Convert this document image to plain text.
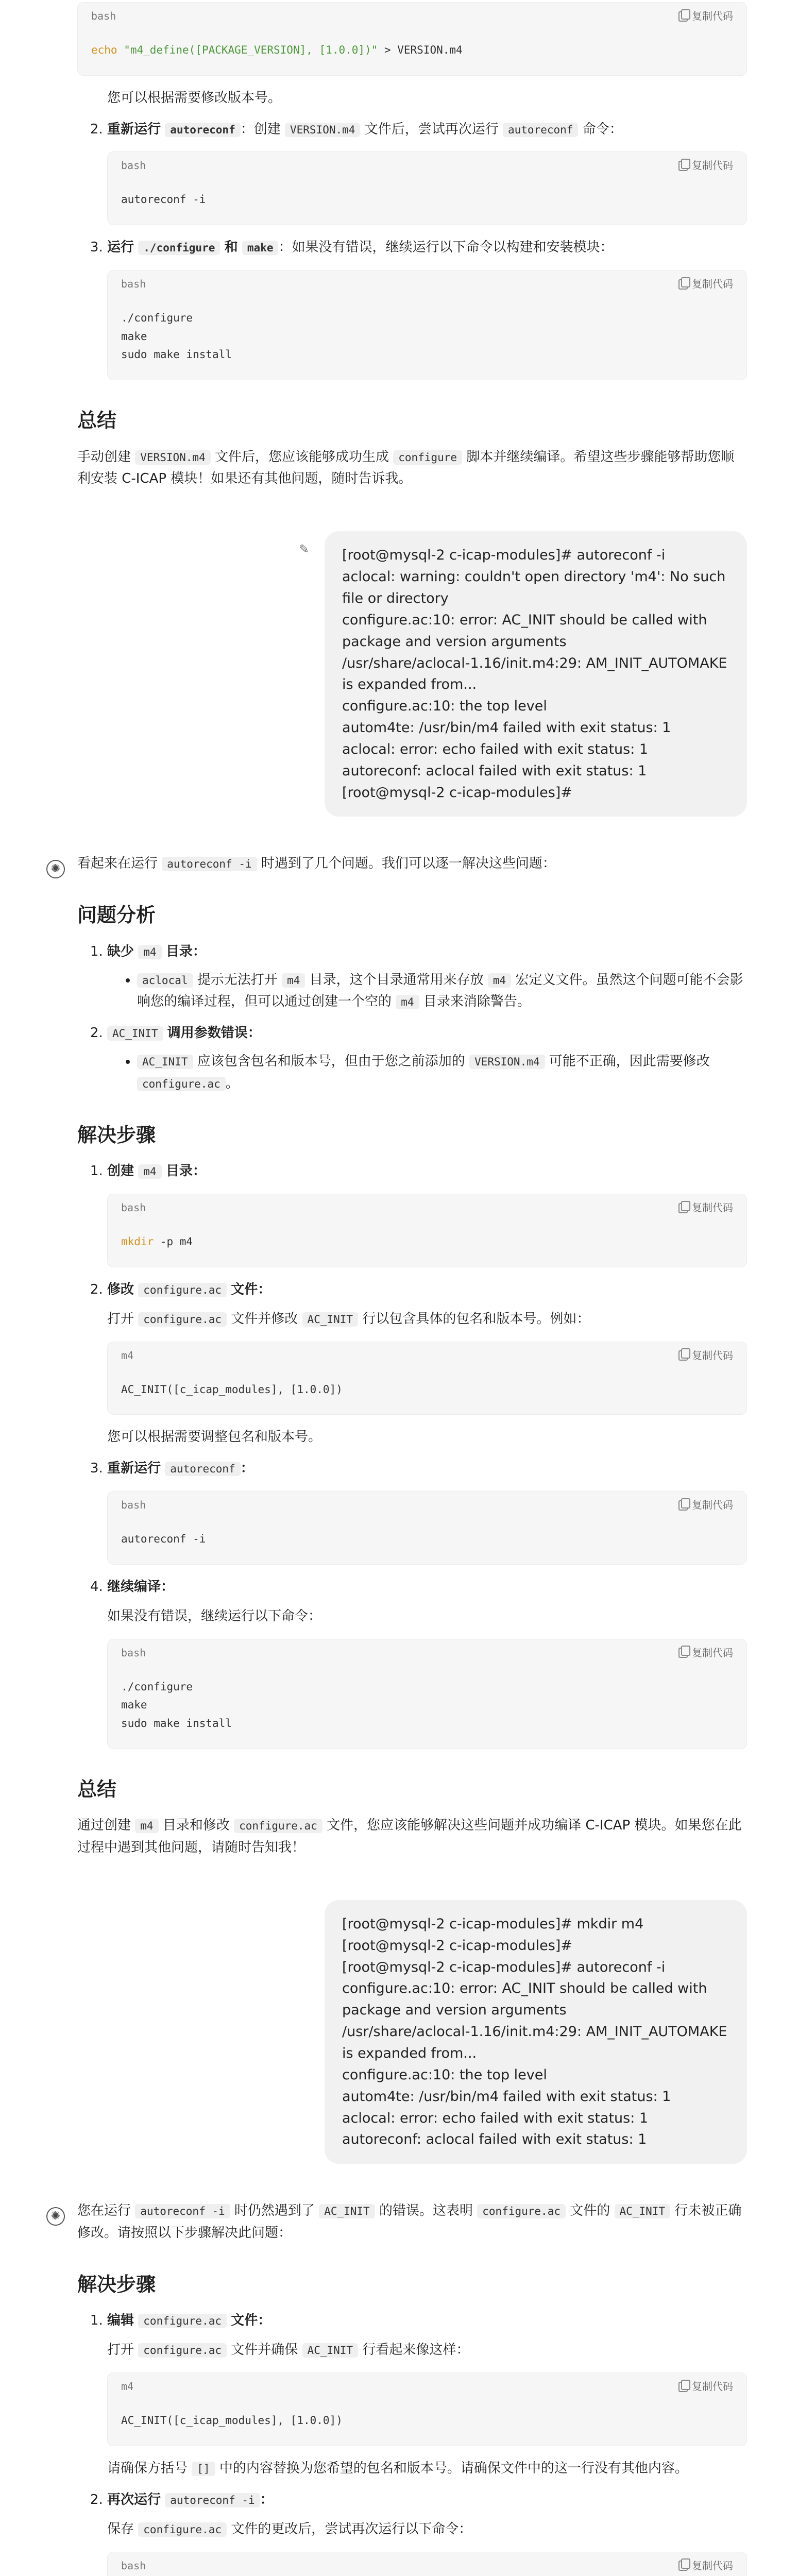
bash	复制代码
echo "m4_define([PACKAGE_VERSION], [1.0.0])" > VERSION.m4
您可以根据需要修改版本号。
2. 重新运行 autoreconf ：创建 VERSION.m4 文件后，尝试再次运行 autoreconf 命令：
bash	复制代码
autoreconf -i
3. 运行 ./configure 和 make ：如果没有错误，继续运行以下命令以构建和安装模块：
bash	复制代码
./configure
make
sudo make install
总结
手动创建 VERSION.m4 文件后，您应该能够成功生成 configure 脚本并继续编译。希望这些步骤能够帮助您顺利安装 C-ICAP 模块！如果还有其他问题，随时告诉我。
✎ [root@mysql-2 c-icap-modules]# autoreconf -i
aclocal: warning: couldn't open directory 'm4': No such file or directory
configure.ac:10: error: AC_INIT should be called with package and version arguments
/usr/share/aclocal-1.16/init.m4:29: AM_INIT_AUTOMAKE is expanded from...
configure.ac:10: the top level
autom4te: /usr/bin/m4 failed with exit status: 1
aclocal: error: echo failed with exit status: 1
autoreconf: aclocal failed with exit status: 1
[root@mysql-2 c-icap-modules]#
✺	看起来在运行 autoreconf -i 时遇到了几个问题。我们可以逐一解决这些问题：
问题分析
1. 缺少 m4 目录：
• aclocal 提示无法打开 m4 目录，这个目录通常用来存放 m4 宏定义文件。虽然这个问题可能不会影响您的编译过程，但可以通过创建一个空的 m4 目录来消除警告。
2. AC_INIT 调用参数错误：
• AC_INIT 应该包含包名和版本号，但由于您之前添加的 VERSION.m4 可能不正确，因此需要修改 configure.ac 。
解决步骤
1. 创建 m4 目录：
bash	复制代码
mkdir -p m4
2. 修改 configure.ac 文件：
打开 configure.ac 文件并修改 AC_INIT 行以包含具体的包名和版本号。例如：
m4	复制代码
AC_INIT([c_icap_modules], [1.0.0])
您可以根据需要调整包名和版本号。
3. 重新运行 autoreconf ：
bash	复制代码
autoreconf -i
4. 继续编译：
如果没有错误，继续运行以下命令：
bash	复制代码
./configure
make
sudo make install
总结
通过创建 m4 目录和修改 configure.ac 文件，您应该能够解决这些问题并成功编译 C-ICAP 模块。如果您在此过程中遇到其他问题，请随时告知我！
[root@mysql-2 c-icap-modules]# mkdir m4
[root@mysql-2 c-icap-modules]#
[root@mysql-2 c-icap-modules]# autoreconf -i
configure.ac:10: error: AC_INIT should be called with package and version arguments
/usr/share/aclocal-1.16/init.m4:29: AM_INIT_AUTOMAKE is expanded from...
configure.ac:10: the top level
autom4te: /usr/bin/m4 failed with exit status: 1
aclocal: error: echo failed with exit status: 1
autoreconf: aclocal failed with exit status: 1
✺	您在运行 autoreconf -i 时仍然遇到了 AC_INIT 的错误。这表明 configure.ac 文件的 AC_INIT 行未被正确修改。请按照以下步骤解决此问题：
解决步骤
1. 编辑 configure.ac 文件：
打开 configure.ac 文件并确保 AC_INIT 行看起来像这样：
m4	复制代码
AC_INIT([c_icap_modules], [1.0.0])
请确保方括号 [] 中的内容替换为您希望的包名和版本号。请确保文件中的这一行没有其他内容。
2. 再次运行 autoreconf -i ：
保存 configure.ac 文件的更改后，尝试再次运行以下命令：
bash	复制代码
